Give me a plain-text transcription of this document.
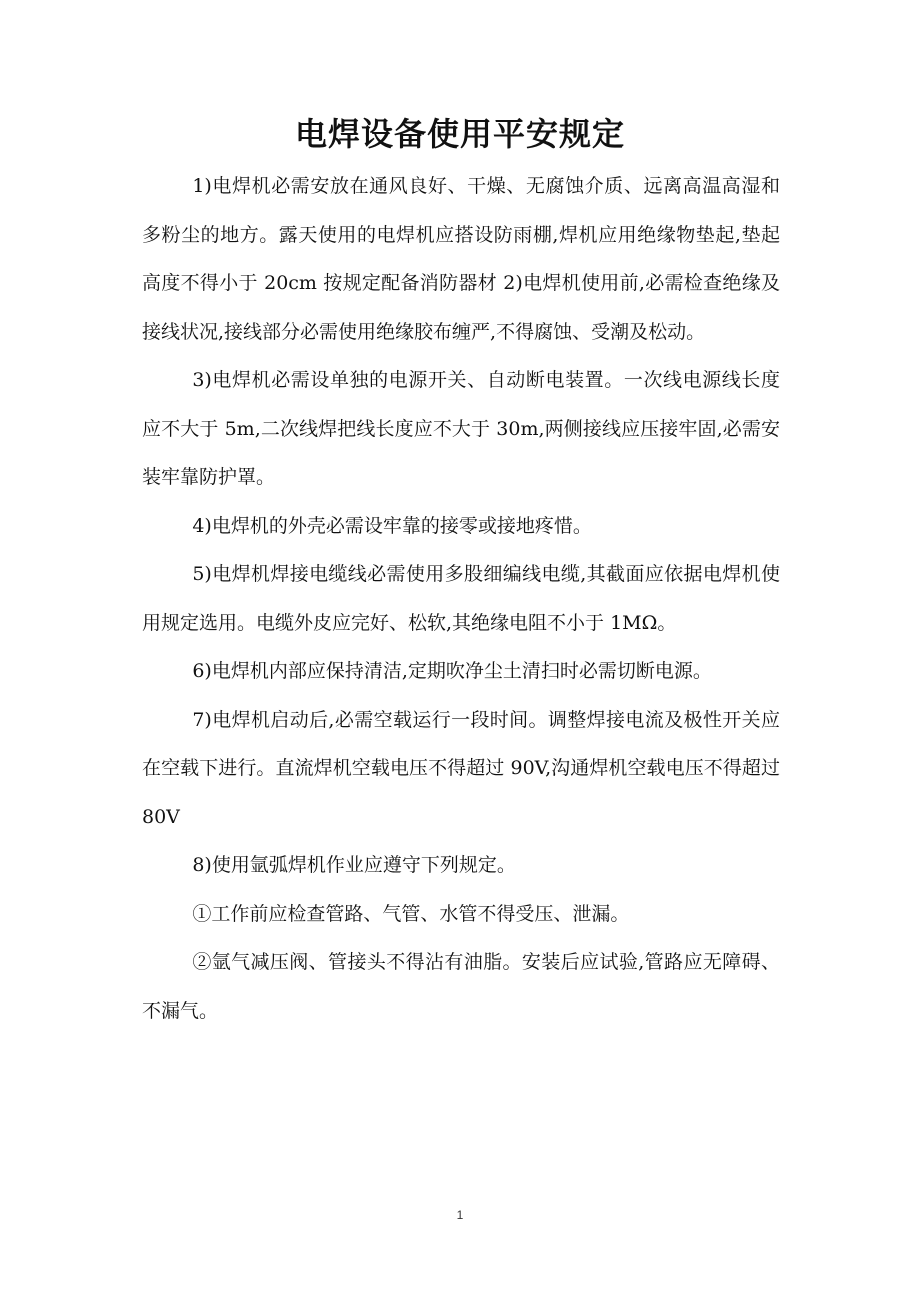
电焊设备使用平安规定

1)电焊机必需安放在通风良好、干燥、无腐蚀介质、远离高温高湿和多粉尘的地方。露天使用的电焊机应搭设防雨棚,焊机应用绝缘物垫起,垫起高度不得小于 20cm 按规定配备消防器材 2)电焊机使用前,必需检查绝缘及接线状况,接线部分必需使用绝缘胶布缠严,不得腐蚀、受潮及松动。

3)电焊机必需设单独的电源开关、自动断电装置。一次线电源线长度应不大于 5m,二次线焊把线长度应不大于 30m,两侧接线应压接牢固,必需安装牢靠防护罩。

4)电焊机的外壳必需设牢靠的接零或接地疼惜。

5)电焊机焊接电缆线必需使用多股细编线电缆,其截面应依据电焊机使用规定选用。电缆外皮应完好、松软,其绝缘电阻不小于 1MΩ。

6)电焊机内部应保持清洁,定期吹净尘土清扫时必需切断电源。

7)电焊机启动后,必需空载运行一段时间。调整焊接电流及极性开关应在空载下进行。直流焊机空载电压不得超过 90V,沟通焊机空载电压不得超过 80V

8)使用氩弧焊机作业应遵守下列规定。

①工作前应检查管路、气管、水管不得受压、泄漏。

②氩气减压阀、管接头不得沾有油脂。安装后应试验,管路应无障碍、不漏气。

1
